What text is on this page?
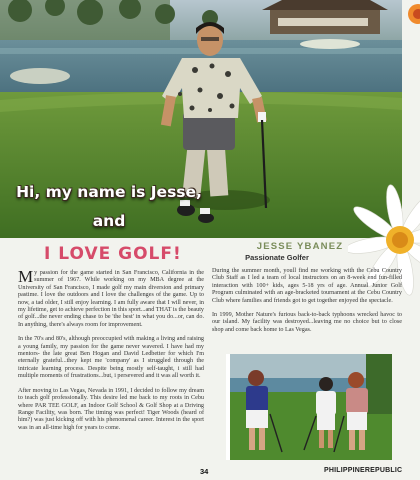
Hi, my name is Jesse,
and
I LOVE GOLF!	JESSE YBANEZ
Passionate Golfer

My passion for the game started in San Francisco, California in the summer of 1967. While working on my MBA degree at the University of San Francisco, I made golf my main diversion and primary pastime. I love the outdoors and I love the challenges of the game. Up to now, a tad older, I still enjoy learning. I am fully aware that I will never, in my lifetime, get to achieve perfection in this sport...and THAT is the beauty of golf...the never ending chase to be 'the best' in what you do...or, can do. In anything, there's always room for improvement.

In the 70's and 80's, although preoccupied with making a living and raising a young family, my passion for the game never wavered. I have had my mentors- the late great Ben Hogan and David Ledbetter for which I'm eternally grateful...they kept me 'company' as I struggled through the intricate learning process. Despite being mostly self-taught, i still had multiple moments of frustrations...but, i persevered and it was all worth it.

After moving to Las Vegas, Nevada in 1991, I decided to follow my dream to teach golf professionally. This desire led me back to my roots in Cebu where PAR TEE GOLF, an Indoor Golf School & Golf Shop at a Driving Range Facility, was born. The timing was perfect! Tiger Woods (heard of him?) was just kicking off with his phenomenal career. Interest in the sport was in an all-time high for years to come.

During the summer month, youll find me working with the Cebu Country Club Staff as I led a team of local instructors on an 8-week end fun-filled interaction with 100+ kids, ages 5-18 yrs of age. Annual Junior Golf Program culminated with an age-bracketed tournament at the Cebu Country Club where families and friends got to get together enjoyed the spectacle.

In 1999, Mother Nature's furious back-to-back typhoons wrecked havoc to our island. My facility was destroyed...leaving me no choice but to close shop and come back home to Las Vegas.

34	PHILIPPINEREPUBLIC
